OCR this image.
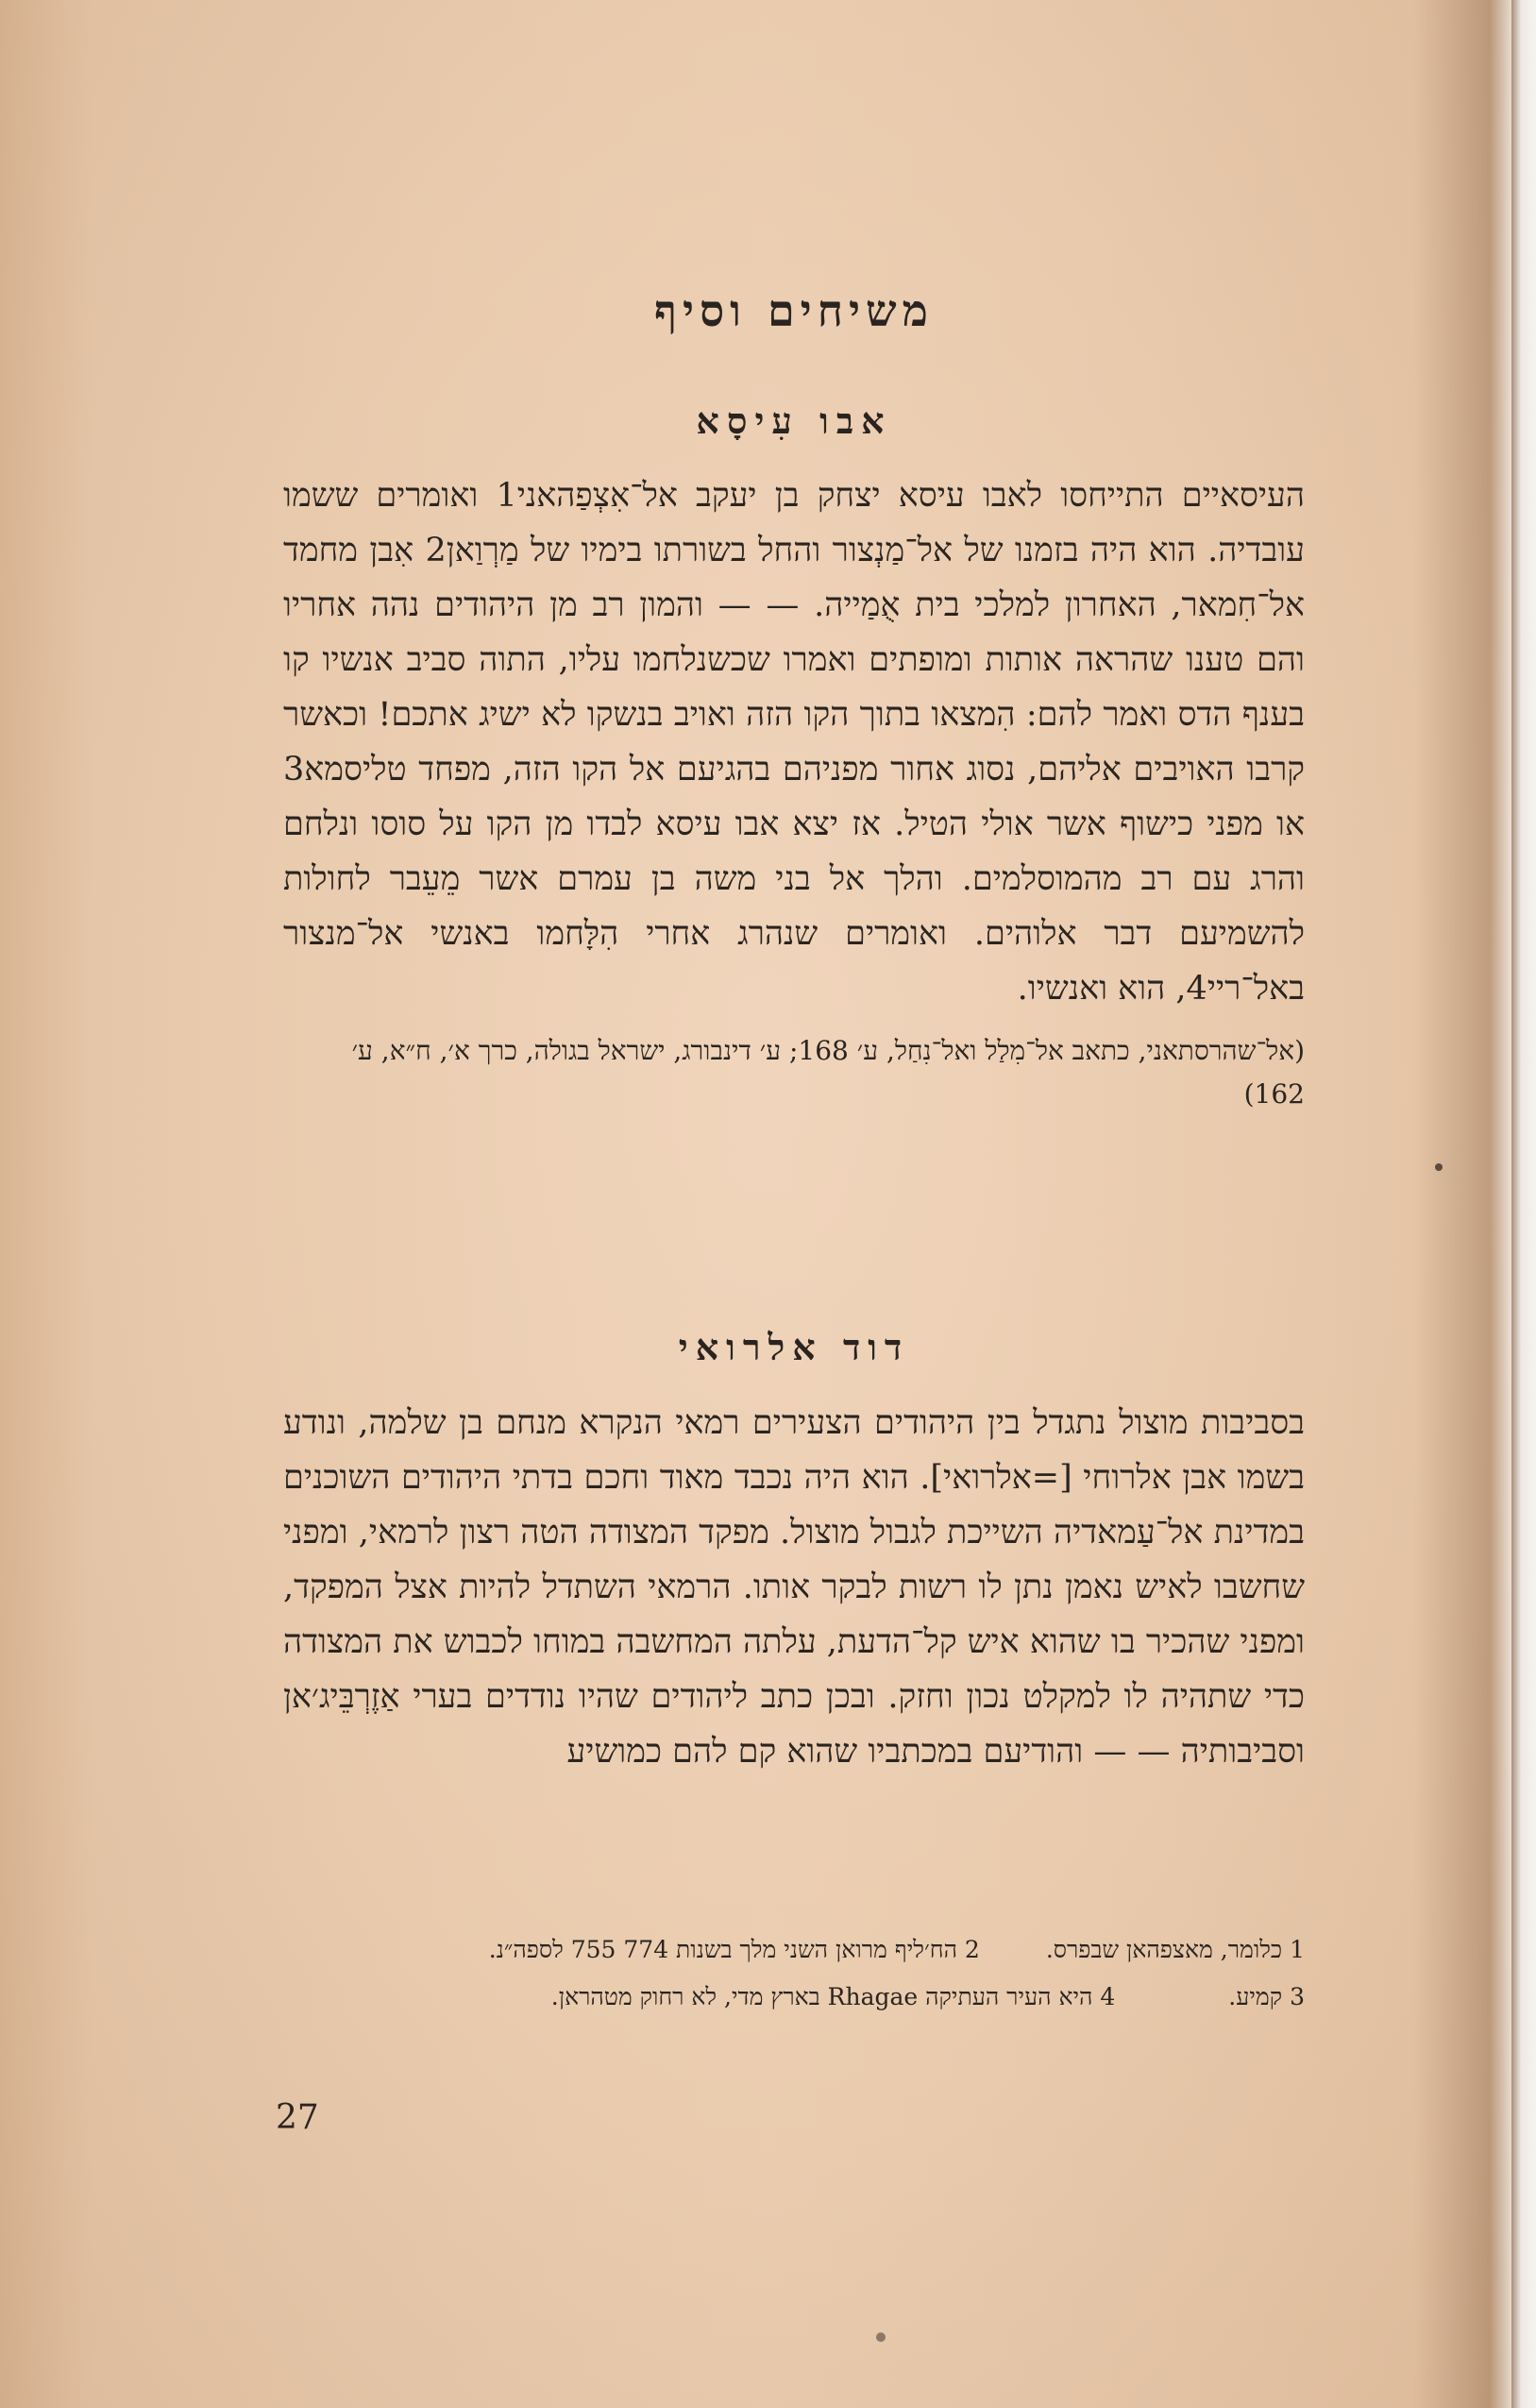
משיחים וסיף
אבו עִיסָא

העיסאיים התייחסו לאבו עיסא יצחק בן יעקב אל־אִצְפַהאני1 ואומרים ששמו עובדיה. הוא היה בזמנו של אל־מַנְצור והחל בשורתו בימיו של מַרְוַאן2 אִבן מחמד אל־חִמאר, האחרון למלכי בית אֻמַייה. — — והמון רב מן היהודים נהה אחריו והם טענו שהראה אותות ומופתים ואמרו שכשנלחמו עליו, התוה סביב אנשיו קו בענף הדס ואמר להם: הִמצאו בתוך הקו הזה ואויב בנשקו לא ישיג אתכם! וכאשר קרבו האויבים אליהם, נסוג אחור מפניהם בהגיעם אל הקו הזה, מפחד טליסמא3 או מפני כישוף אשר אולי הטיל. אז יצא אבו עיסא לבדו מן הקו על סוסו ונלחם והרג עם רב מהמוסלמים. והלך אל בני משה בן עמרם אשר מֵעֵבר לחולות להשמיעם דבר אלוהים. ואומרים שנהרג אחרי הִלָּחמו באנשי אל־מנצור באל־ריי4, הוא ואנשיו.

(אל־שהרסתאני, כתאב אל־מִלַל ואל־נִחַל, ע׳ 168; ע׳ דינבורג, ישראל בגולה, כרך א׳, ח״א, ע׳ 162)

דוד אלרואי

בסביבות מוצול נתגדל בין היהודים הצעירים רמאי הנקרא מנחם בן שלמה, ונודע בשמו אבן אלרוחי [=אלרואי]. הוא היה נכבד מאוד וחכם בדתי היהודים השוכנים במדינת אל־עַמאדיה השייכת לגבול מוצול. מפקד המצודה הטה רצון לרמאי, ומפני שחשבו לאיש נאמן נתן לו רשות לבקר אותו. הרמאי השתדל להיות אצל המפקד, ומפני שהכיר בו שהוא איש קל־הדעת, עלתה המחשבה במוחו לכבוש את המצודה כדי שתהיה לו למקלט נכון וחזק. ובכן כתב ליהודים שהיו נודדים בערי אַזֶרְבֵּיג׳אן וסביבותיה — — והודיעם במכתביו שהוא קם להם כמושיע

1 כלומר, מאצפהאן שבפרס.
2 הח׳ליף מרואן השני מלך בשנות 774 755 לספה״נ.
3 קמיע.
4 היא העיר העתיקה Rhagae בארץ מדי, לא רחוק מטהראן.
27
